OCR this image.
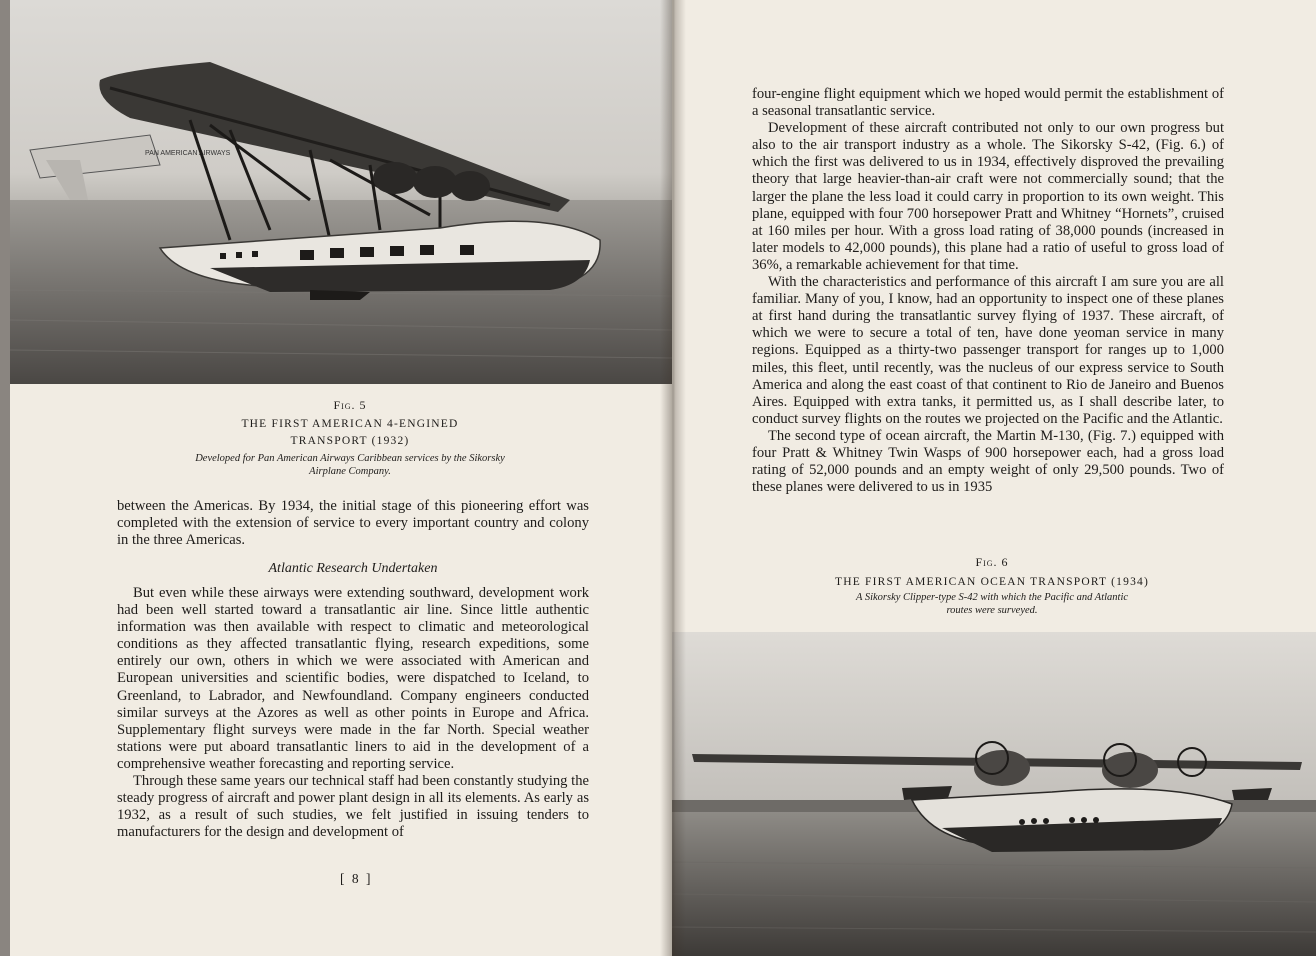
PAN AMERICAN AIRWAYS
Fig. 5
THE FIRST AMERICAN 4-ENGINED
TRANSPORT (1932)
Developed for Pan American Airways Caribbean services by the Sikorsky
Airplane Company.

between the Americas. By 1934, the initial stage of this pioneering effort was completed with the extension of service to every important country and colony in the three Americas.

Atlantic Research Undertaken

But even while these airways were extending southward, development work had been well started toward a transatlantic air line. Since little authentic information was then available with respect to climatic and meteorological conditions as they affected transatlantic flying, research expeditions, some entirely our own, others in which we were associated with American and European universities and scientific bodies, were dispatched to Iceland, to Greenland, to Labrador, and Newfoundland. Company engineers conducted similar surveys at the Azores as well as other points in Europe and Africa. Supplementary flight surveys were made in the far North. Special weather stations were put aboard transatlantic liners to aid in the development of a comprehensive weather forecasting and reporting service.

Through these same years our technical staff had been constantly studying the steady progress of aircraft and power plant design in all its elements. As early as 1932, as a result of such studies, we felt justified in issuing tenders to manufacturers for the design and development of

[ 8 ]

four-engine flight equipment which we hoped would permit the establishment of a seasonal transatlantic service.

Development of these aircraft contributed not only to our own progress but also to the air transport industry as a whole. The Sikorsky S-42, (Fig. 6.) of which the first was delivered to us in 1934, effectively disproved the prevailing theory that large heavier-than-air craft were not commercially sound; that the larger the plane the less load it could carry in proportion to its own weight. This plane, equipped with four 700 horsepower Pratt and Whitney “Hornets”, cruised at 160 miles per hour. With a gross load rating of 38,000 pounds (increased in later models to 42,000 pounds), this plane had a ratio of useful to gross load of 36%, a remarkable achievement for that time.

With the characteristics and performance of this aircraft I am sure you are all familiar. Many of you, I know, had an opportunity to inspect one of these planes at first hand during the transatlantic survey flying of 1937. These aircraft, of which we were to secure a total of ten, have done yeoman service in many regions. Equipped as a thirty-two passenger transport for ranges up to 1,000 miles, this fleet, until recently, was the nucleus of our express service to South America and along the east coast of that continent to Rio de Janeiro and Buenos Aires. Equipped with extra tanks, it permitted us, as I shall describe later, to conduct survey flights on the routes we projected on the Pacific and the Atlantic.

The second type of ocean aircraft, the Martin M-130, (Fig. 7.) equipped with four Pratt & Whitney Twin Wasps of 900 horsepower each, had a gross load rating of 52,000 pounds and an empty weight of only 29,500 pounds. Two of these planes were delivered to us in 1935

Fig. 6
THE FIRST AMERICAN OCEAN TRANSPORT (1934)
A Sikorsky Clipper-type S-42 with which the Pacific and Atlantic
routes were surveyed.
